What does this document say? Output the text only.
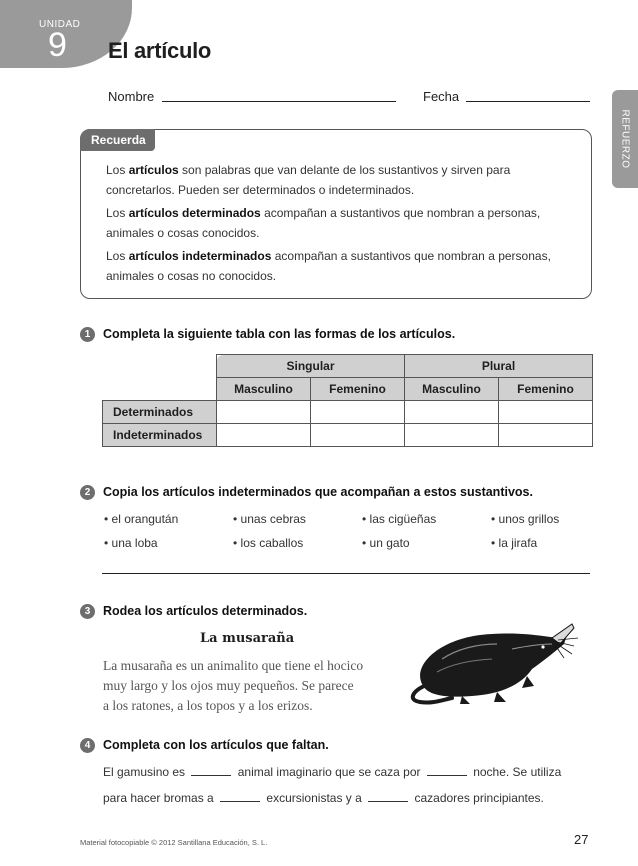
UNIDAD
9 El artículo
Nombre	Fecha
REFUERZO
Recuerda
Los artículos son palabras que van delante de los sustantivos y sirven para concretarlos. Pueden ser determinados o indeterminados.
Los artículos determinados acompañan a sustantivos que nombran a personas, animales o cosas conocidos.
Los artículos indeterminados acompañan a sustantivos que nombran a personas, animales o cosas no conocidos.
1	Completa la siguiente tabla con las formas de los artículos.
	Singular		Plural	
	Masculino	Femenino	Masculino	Femenino
Determinados				
Indeterminados				
2	Copia los artículos indeterminados que acompañan a estos sustantivos.
• el orangután	• unas cebras	• las cigüeñas	• unos grillos
• una loba	• los caballos	• un gato	• la jirafa
3	Rodea los artículos determinados.
La musaraña
La musaraña es un animalito que tiene el hocico
muy largo y los ojos muy pequeños. Se parece
a los ratones, a los topos y a los erizos.
4	Completa con los artículos que faltan.
El gamusino es	animal imaginario que se caza por	noche. Se utiliza
para hacer bromas a	excursionistas y a	cazadores principiantes.
Material fotocopiable © 2012 Santillana Educación, S. L.	27
